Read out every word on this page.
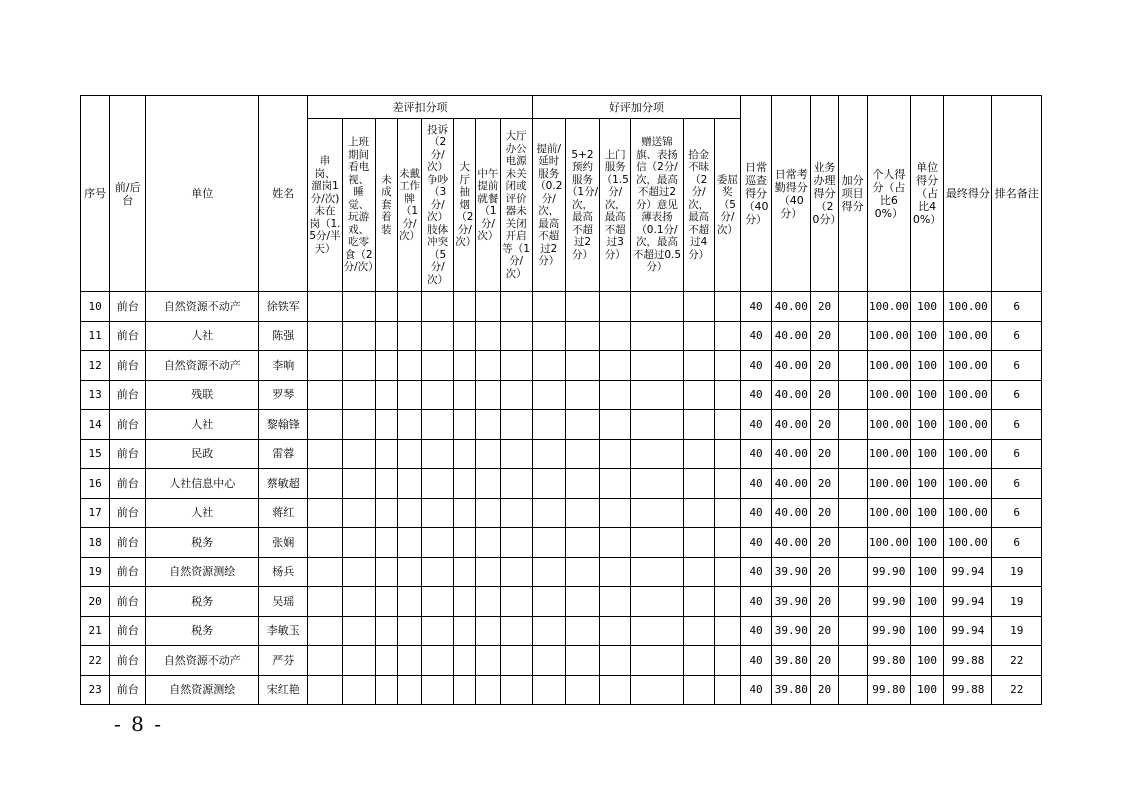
序号	前/后台	单位	姓名	差评扣分项								好评加分项						日常巡查得分（40分）	日常考勤得分（40分）	业务办理得分（20分）	加分项目得分	个人得分（占比60%）	单位得分（占比40%）	最终得分	排名备注
				串岗、溜岗1分/次)未在岗（1.5分/半天）	上班期间看电视、睡觉、玩游戏、吃零食（2分/次）	未成套着装	未戴工作牌（1分/次）	投诉（2分/次）争吵（3分/次）肢体冲突（5分/次）	大厅抽烟（2分/次）	中午提前就餐（1分/次）	大厅办公电源未关闭或评价器未关闭开启等（1分/次）	提前/延时服务（0.2分/次，最高不超过2分）	5+2预约服务（1分/次，最高不超过2分）	上门服务（1.5分/次，最高不超过3分）	赠送锦旗、表扬信（2分/次，最高不超过2分）意见薄表扬（0.1分/次，最高不超过0.5分）	拾金不昧（2分/次，最高不超过4分）	委屈奖（5分/次）								
10	前台	自然资源不动产	徐铁军															40	40.00	20		100.00	100	100.00	6
11	前台	人社	陈强															40	40.00	20		100.00	100	100.00	6
12	前台	自然资源不动产	李响															40	40.00	20		100.00	100	100.00	6
13	前台	残联	罗琴															40	40.00	20		100.00	100	100.00	6
14	前台	人社	黎翰锋															40	40.00	20		100.00	100	100.00	6
15	前台	民政	雷蓉															40	40.00	20		100.00	100	100.00	6
16	前台	人社信息中心	蔡敏超															40	40.00	20		100.00	100	100.00	6
17	前台	人社	蒋红															40	40.00	20		100.00	100	100.00	6
18	前台	税务	张娴															40	40.00	20		100.00	100	100.00	6
19	前台	自然资源测绘	杨兵															40	39.90	20		99.90	100	99.94	19
20	前台	税务	吴瑶															40	39.90	20		99.90	100	99.94	19
21	前台	税务	李敏玉															40	39.90	20		99.90	100	99.94	19
22	前台	自然资源不动产	严芬															40	39.80	20		99.80	100	99.88	22
23	前台	自然资源测绘	宋红艳															40	39.80	20		99.80	100	99.88	22
- 8 -
